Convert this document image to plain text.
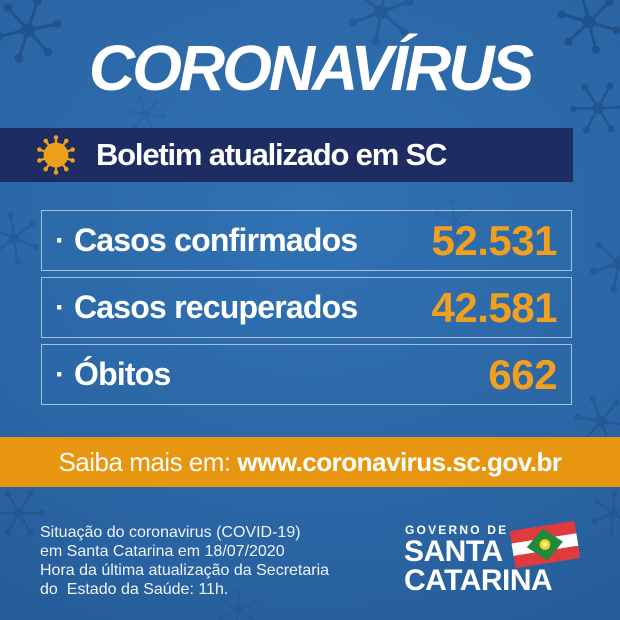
CORONAVÍRUS
Boletim atualizado em SC
· Casos confirmados 52.531
· Casos recuperados 42.581
· Óbitos	662
Saiba mais em: www.coronavirus.sc.gov.br
Situação do coronavirus (COVID-19)
em Santa Catarina em 18/07/2020
Hora da última atualização da Secretaria
do  Estado da Saúde: 11h.
GOVERNO DE
SANTA
CATARINA
